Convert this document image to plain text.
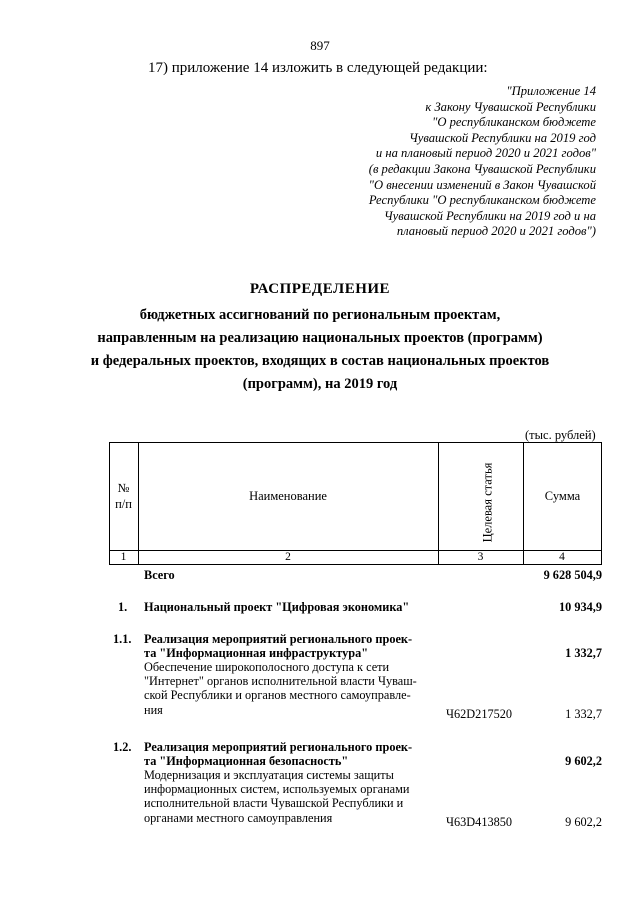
897
17) приложение 14 изложить в следующей редакции:
"Приложение 14
к Закону Чувашской Республики
"О республиканском бюджете
Чувашской Республики на 2019 год
и на плановый период 2020 и 2021 годов"
(в редакции Закона Чувашской Республики
"О внесении изменений в Закон Чувашской
Республики "О республиканском бюджете
Чувашской Республики на 2019 год и на
плановый период 2020 и 2021 годов")
РАСПРЕДЕЛЕНИЕ
бюджетных ассигнований по региональным проектам,
направленным на реализацию национальных проектов (программ)
и федеральных проектов, входящих в состав национальных проектов
(программ), на 2019 год
(тыс. рублей)
№
п/п
Наименование	Целевая статья	Сумма
1	2	3	4
Всего	9 628 504,9
1.	Национальный проект "Цифровая экономика"	10 934,9
1.1.	Реализация мероприятий регионального проек-
та "Информационная инфраструктура"	1 332,7
Обеспечение широкополосного доступа к сети
"Интернет" органов исполнительной власти Чуваш-
ской Республики и органов местного самоуправле-
ния	Ч62D217520	1 332,7
1.2.	Реализация мероприятий регионального проек-
та "Информационная безопасность"	9 602,2
Модернизация и эксплуатация системы защиты
информационных систем, используемых органами
исполнительной власти Чувашской Республики и
органами местного самоуправления	Ч63D413850	9 602,2
